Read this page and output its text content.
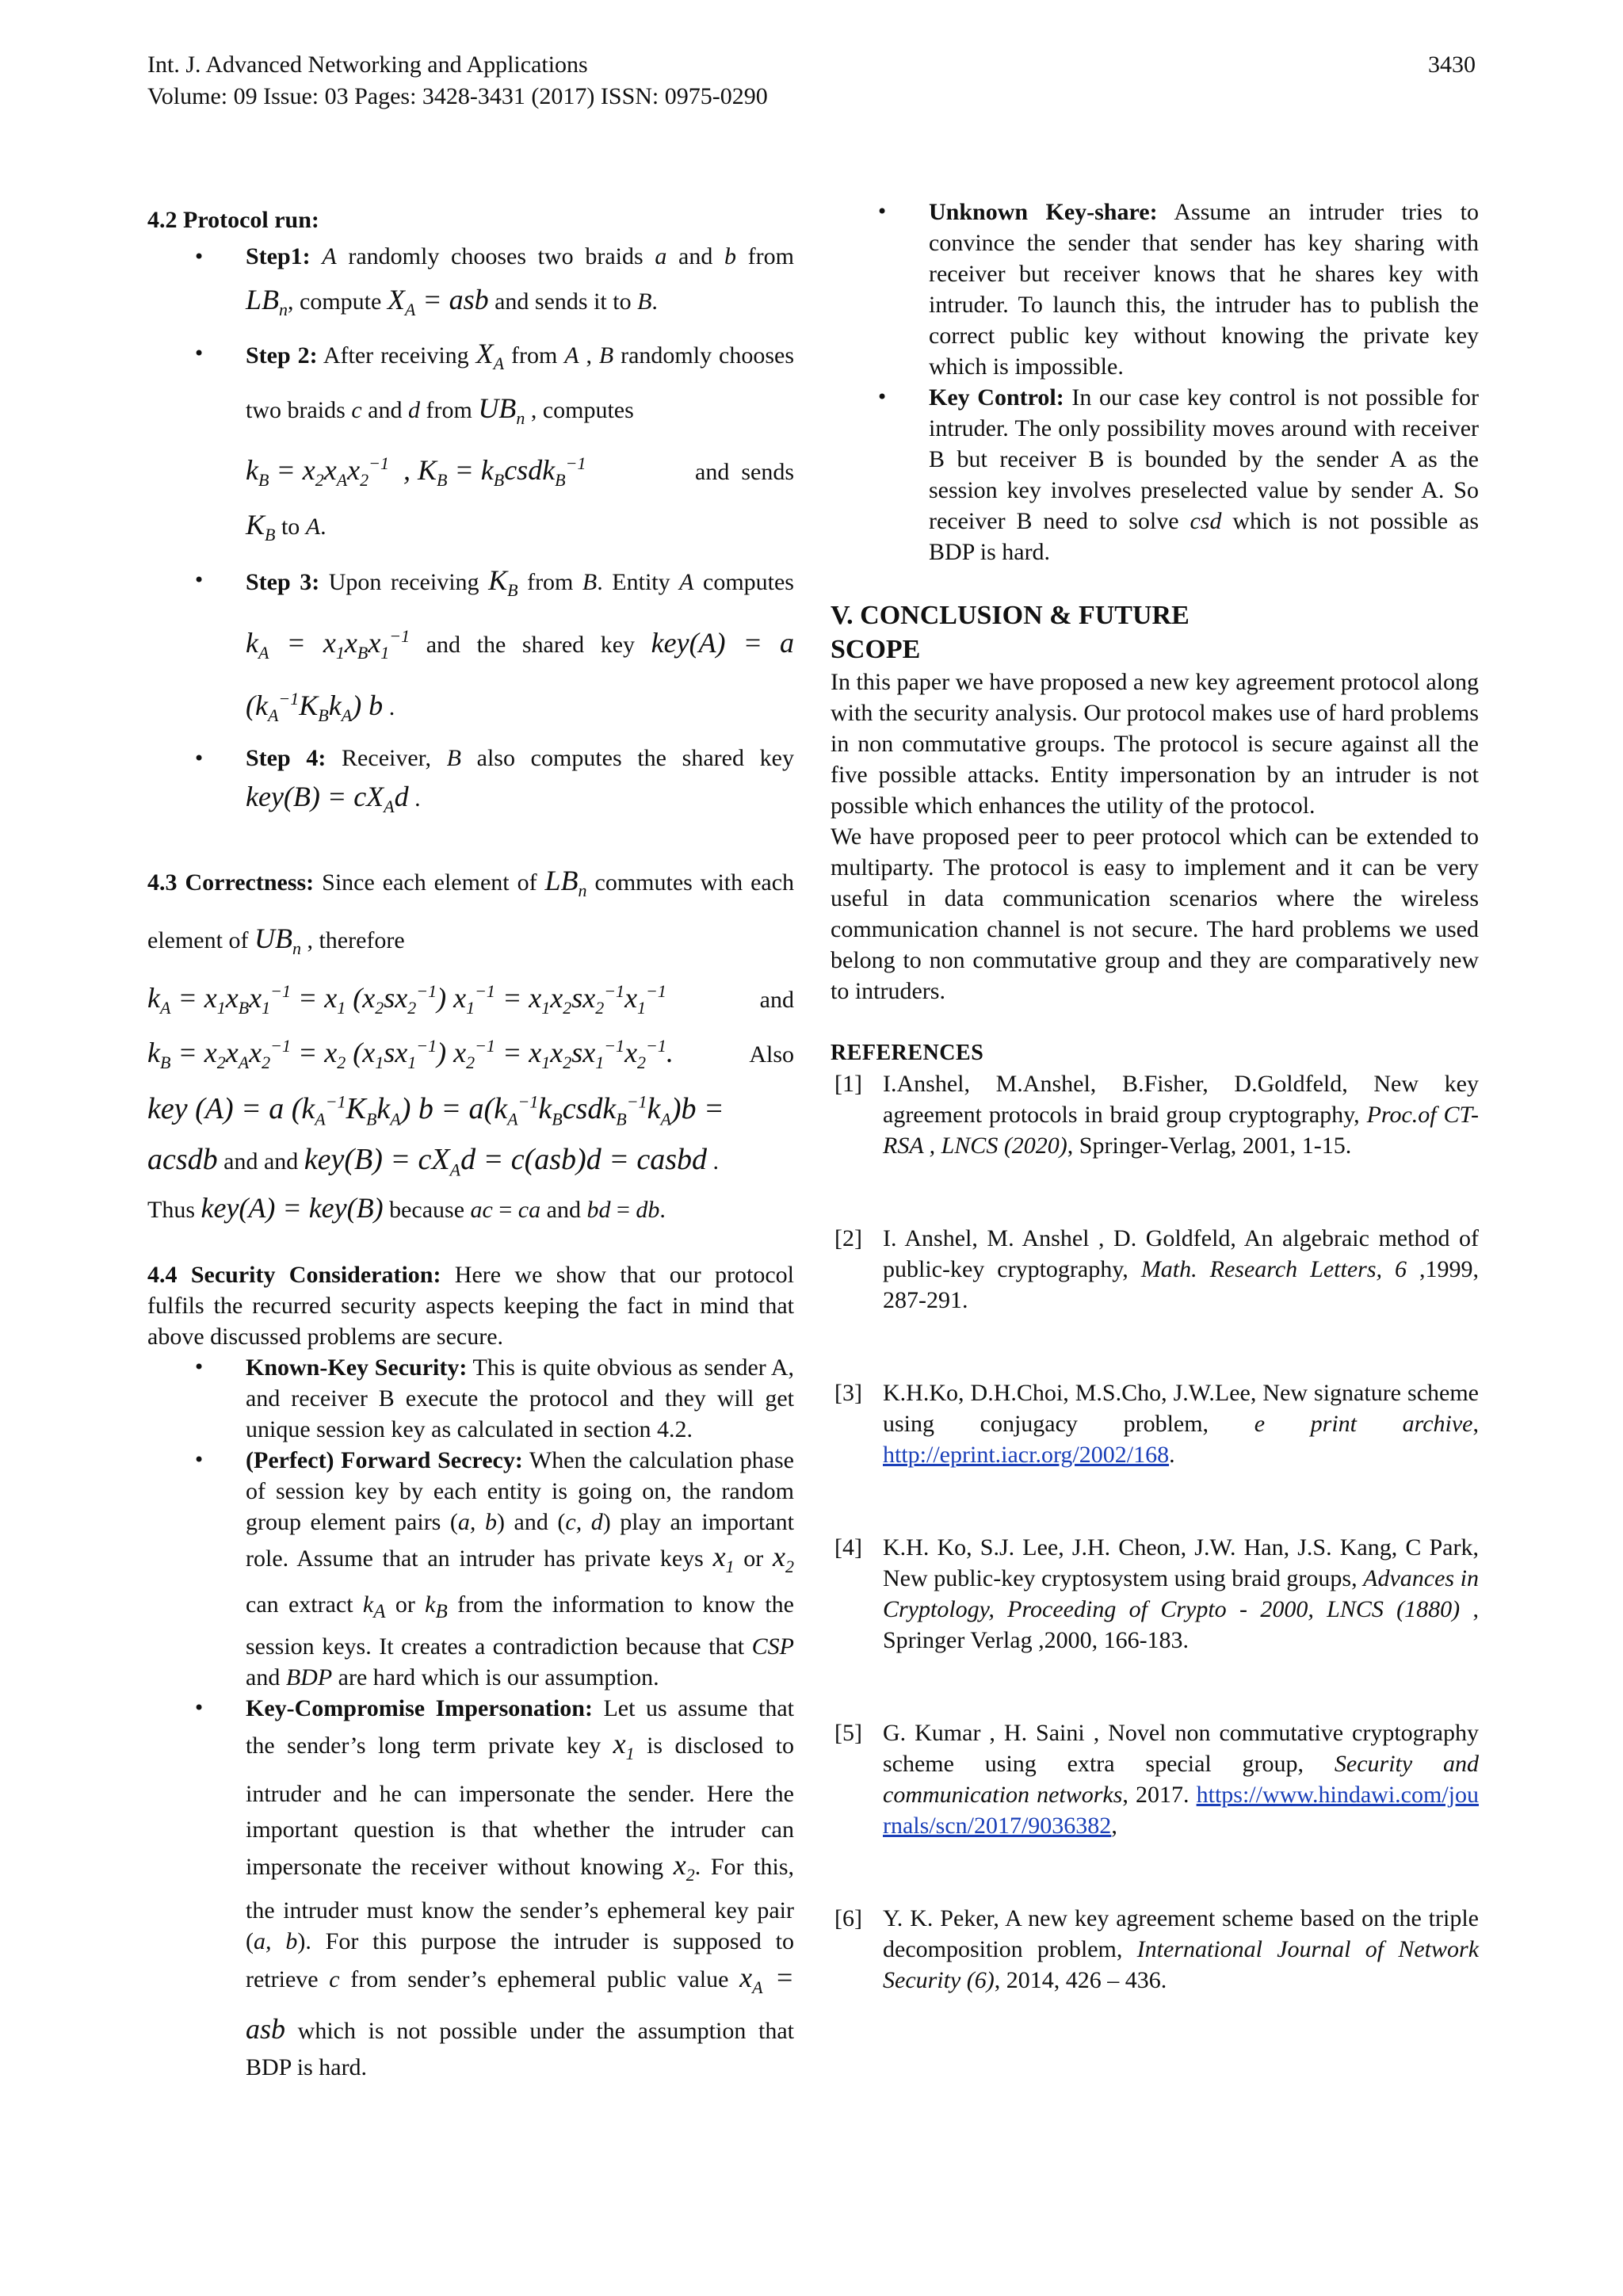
Int. J. Advanced Networking and Applications
Volume: 09 Issue: 03 Pages: 3428-3431 (2017) ISSN: 0975-0290
3430

4.2 Protocol run:

• Step1: A randomly chooses two braids a and b from $LB_n$, compute $X_A$ = asb and sends it to B.
• Step 2: After receiving $X_A$ from A , B randomly chooses two braids c and d from $UB_n$ , computes
$k_B = x_2x_Ax_2^{-1}$  , $K_B$ = $k_Bcsdk_B^{-1}$	and  sends
$K_B$ to A.
• Step 3: Upon receiving $K_B$ from B. Entity A computes $k_A = x_1x_Bx_1^{-1}$ and the shared key key(A) = a $(k_A^{-1}K_Bk_A)$ b .
• Step 4: Receiver, B also computes the shared key $key(B) = cX_Ad$ .

4.3 Correctness: Since each element of $LB_n$ commutes with each element of $UB_n$ , therefore

$k_A = x_1x_Bx_1^{-1} = x_1$ $(x_2sx_2^{-1}) x_1^{-1} = x_1x_2sx_2^{-1}x_1^{-1}$	and
$k_B = x_2x_Ax_2^{-1} = x_2$ $(x_1sx_1^{-1}) x_2^{-1} = x_1x_2sx_1^{-1}x_2^{-1}$.	Also
key (A) = a $(k_A^{-1}K_Bk_A) b$ = $a(k_A^{-1}k_Bcsdk_B^{-1}k_A)b$ =
acsdb and and $key(B) = cX_Ad = c(asb)d$ = casbd .
Thus key(A) = key(B) because ac = ca and bd = db.

4.4 Security Consideration: Here we show that our protocol fulfils the recurred security aspects keeping the fact in mind that above discussed problems are secure.

• Known-Key Security: This is quite obvious as sender A, and receiver B execute the protocol and they will get unique session key as calculated in section 4.2.
• (Perfect) Forward Secrecy: When the calculation phase of session key by each entity is going on, the random group element pairs (a, b) and (c, d) play an important role. Assume that an intruder has private keys $x_1$ or $x_2$ can extract $k_A$ or $k_B$ from the information to know the session keys. It creates a contradiction because that CSP and BDP are hard which is our assumption.
• Key-Compromise Impersonation: Let us assume that the sender’s long term private key $x_1$ is disclosed to intruder and he can impersonate the sender. Here the important question is that whether the intruder can impersonate the receiver without knowing $x_2$. For this, the intruder must know the sender’s ephemeral key pair (a, b). For this purpose the intruder is supposed to retrieve c from sender’s ephemeral public value $x_A$ = asb which is not possible under the assumption that BDP is hard.
• Unknown Key-share: Assume an intruder tries to convince the sender that sender has key sharing with receiver but receiver knows that he shares key with intruder. To launch this, the intruder has to publish the correct public key without knowing the private key which is impossible.
• Key Control: In our case key control is not possible for intruder. The only possibility moves around with receiver B but receiver B is bounded by the sender A as the session key involves preselected value by sender A. So receiver B need to solve csd which is not possible as BDP is hard.

V. CONCLUSION & FUTURE
SCOPE

In this paper we have proposed a new key agreement protocol along with the security analysis. Our protocol makes use of hard problems in non commutative groups. The protocol is secure against all the five possible attacks. Entity impersonation by an intruder is not possible which enhances the utility of the protocol.

We have proposed peer to peer protocol which can be extended to multiparty. The protocol is easy to implement and it can be very useful in data communication scenarios where the wireless communication channel is not secure. The hard problems we used belong to non commutative group and they are comparatively new to intruders.

REFERENCES

[1] I.Anshel, M.Anshel, B.Fisher, D.Goldfeld, New key agreement protocols in braid group cryptography, Proc.of CT-RSA , LNCS (2020), Springer-Verlag, 2001, 1-15.
[2] I. Anshel, M. Anshel , D. Goldfeld, An algebraic method of public-key cryptography, Math. Research Letters, 6 ,1999, 287-291.
[3] K.H.Ko, D.H.Choi, M.S.Cho, J.W.Lee, New signature scheme using conjugacy problem, e print archive, http://eprint.iacr.org/2002/168.
[4] K.H. Ko, S.J. Lee, J.H. Cheon, J.W. Han, J.S. Kang, C Park, New public-key cryptosystem using braid groups, Advances in Cryptology, Proceeding of Crypto - 2000, LNCS (1880) , Springer Verlag ,2000, 166-183.
[5] G. Kumar , H. Saini , Novel non commutative cryptography scheme using extra special group, Security and communication networks, 2017. https://www.hindawi.com/journals/scn/2017/9036382,
[6] Y. K. Peker, A new key agreement scheme based on the triple decomposition problem, International Journal of Network Security (6), 2014, 426 – 436.
